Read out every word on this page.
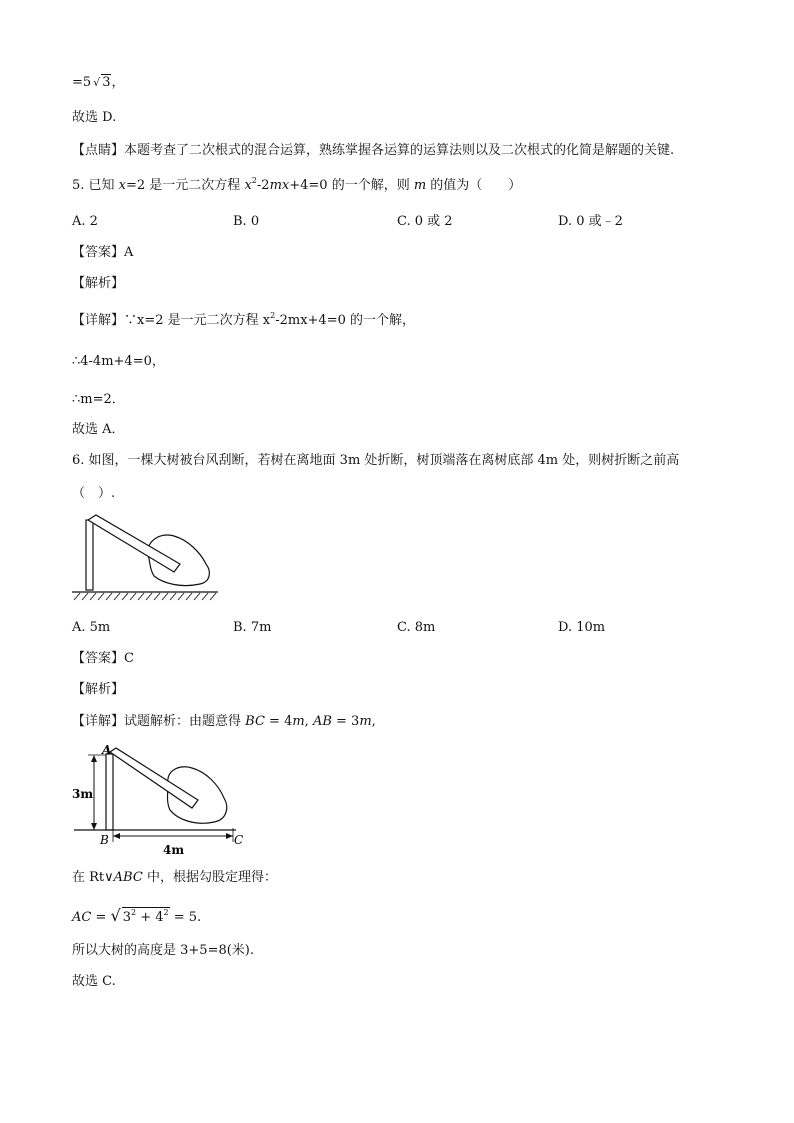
=5 √ 3，
故选 D.
【点睛】本题考查了二次根式的混合运算，熟练掌握各运算的运算法则以及二次根式的化简是解题的关键.
5. 已知 x=2 是一元二次方程 $x^2-2mx+4=0$ 的一个解，则 m 的值为（　　）
A. 2	B. 0	C. 0 或 2	D. 0 或﹣2
【答案】A
【解析】
【详解】∵x=2 是一元二次方程 $x^2-2mx+4=0$ 的一个解，
∴4-4m+4=0，
∴m=2．
故选 A．
6. 如图，一棵大树被台风刮断，若树在离地面 3m 处折断，树顶端落在离树底部 4m 处，则树折断之前高
（　）.
A. 5m	B. 7m	C. 8m	D. 10m
【答案】C
【解析】
【详解】试题解析：由题意得 BC = 4m, AB = 3m,
A
B	C
3m
4m
在 Rt∨ABC 中，根据勾股定理得：
AC = √ $3^2 + 4^2 = 5$.
所以大树的高度是 3+5=8(米).
故选 C.
